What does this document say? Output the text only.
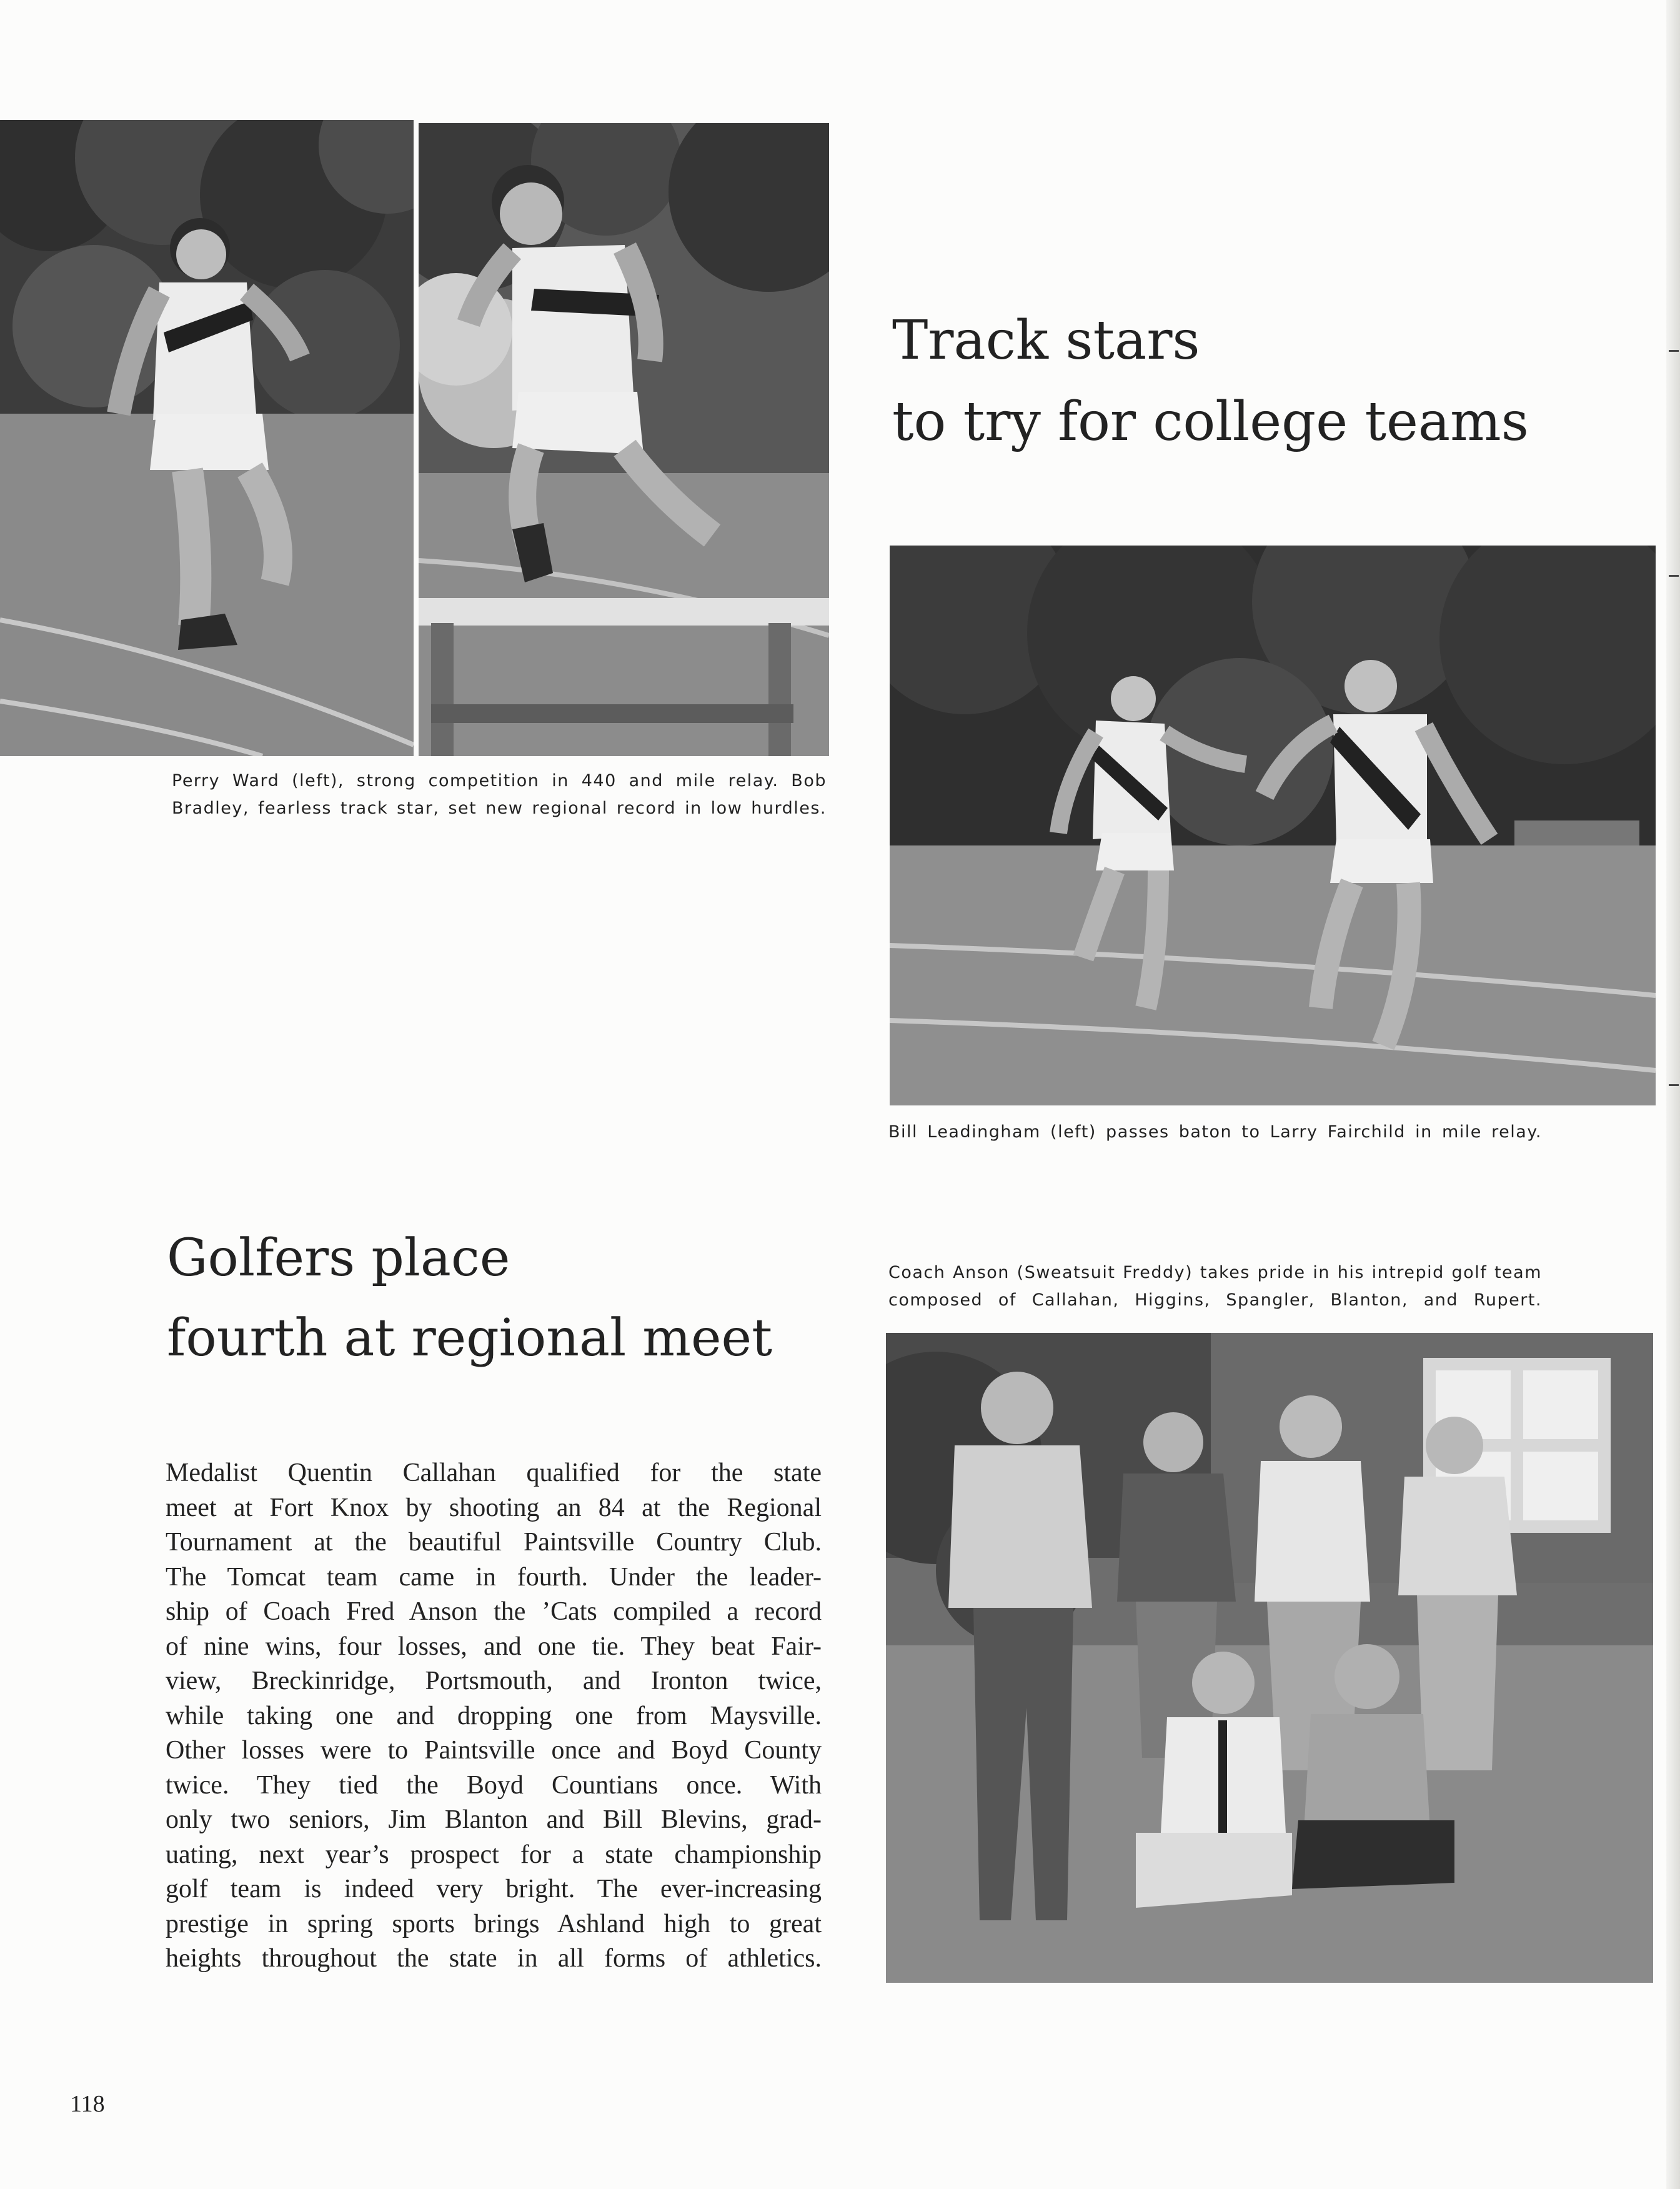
Perry Ward (left), strong competition in 440 and mile relay. Bob
Bradley, fearless track star, set new regional record in low hurdles.

Track stars
to try for college teams

Bill Leadingham (left) passes baton to Larry Fairchild in mile relay.

Golfers place
fourth at regional meet

Coach Anson (Sweatsuit Freddy) takes pride in his intrepid golf team
composed of Callahan, Higgins, Spangler, Blanton, and Rupert.

Medalist Quentin Callahan qualified for the state
meet at Fort Knox by shooting an 84 at the Regional
Tournament at the beautiful Paintsville Country Club.
The Tomcat team came in fourth. Under the leader-
ship of Coach Fred Anson the ’Cats compiled a record
of nine wins, four losses, and one tie. They beat Fair-
view, Breckinridge, Portsmouth, and Ironton twice,
while taking one and dropping one from Maysville.
Other losses were to Paintsville once and Boyd County
twice. They tied the Boyd Countians once. With
only two seniors, Jim Blanton and Bill Blevins, grad-
uating, next year’s prospect for a state championship
golf team is indeed very bright. The ever-increasing
prestige in spring sports brings Ashland high to great
heights throughout the state in all forms of athletics.

118
